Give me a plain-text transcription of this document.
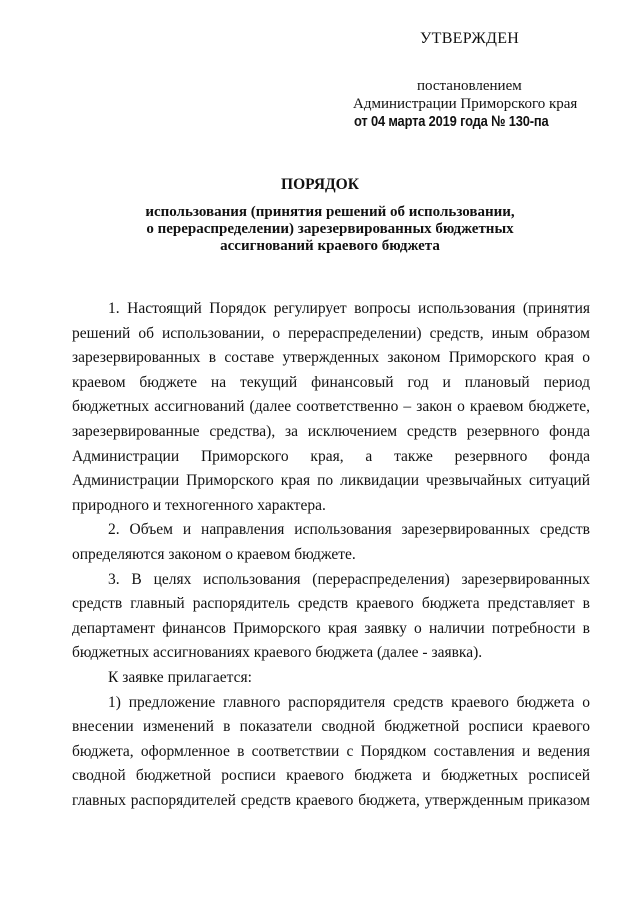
УТВЕРЖДЕН
постановлением
Администрации Приморского края
от 04 марта 2019 года № 130-па
ПОРЯДОК
использования (принятия решений об использовании,
о перераспределении) зарезервированных бюджетных
ассигнований краевого бюджета

1. Настоящий Порядок регулирует вопросы использования (принятия решений об использовании, о перераспределении) средств, иным образом зарезервированных в составе утвержденных законом Приморского края о краевом бюджете на текущий финансовый год и плановый период бюджетных ассигнований (далее соответственно – закон о краевом бюджете, зарезервированные средства), за исключением средств резервного фонда Администрации Приморского края, а также резервного фонда Администрации Приморского края по ликвидации чрезвычайных ситуаций природного и техногенного характера.

2. Объем и направления использования зарезервированных средств определяются законом о краевом бюджете.

3. В целях использования (перераспределения) зарезервированных средств главный распорядитель средств краевого бюджета представляет в департамент финансов Приморского края заявку о наличии потребности в бюджетных ассигнованиях краевого бюджета (далее - заявка).

К заявке прилагается:

1) предложение главного распорядителя средств краевого бюджета о внесении изменений в показатели сводной бюджетной росписи краевого бюджета, оформленное в соответствии с Порядком составления и ведения сводной бюджетной росписи краевого бюджета и бюджетных росписей главных распорядителей средств краевого бюджета, утвержденным приказом
